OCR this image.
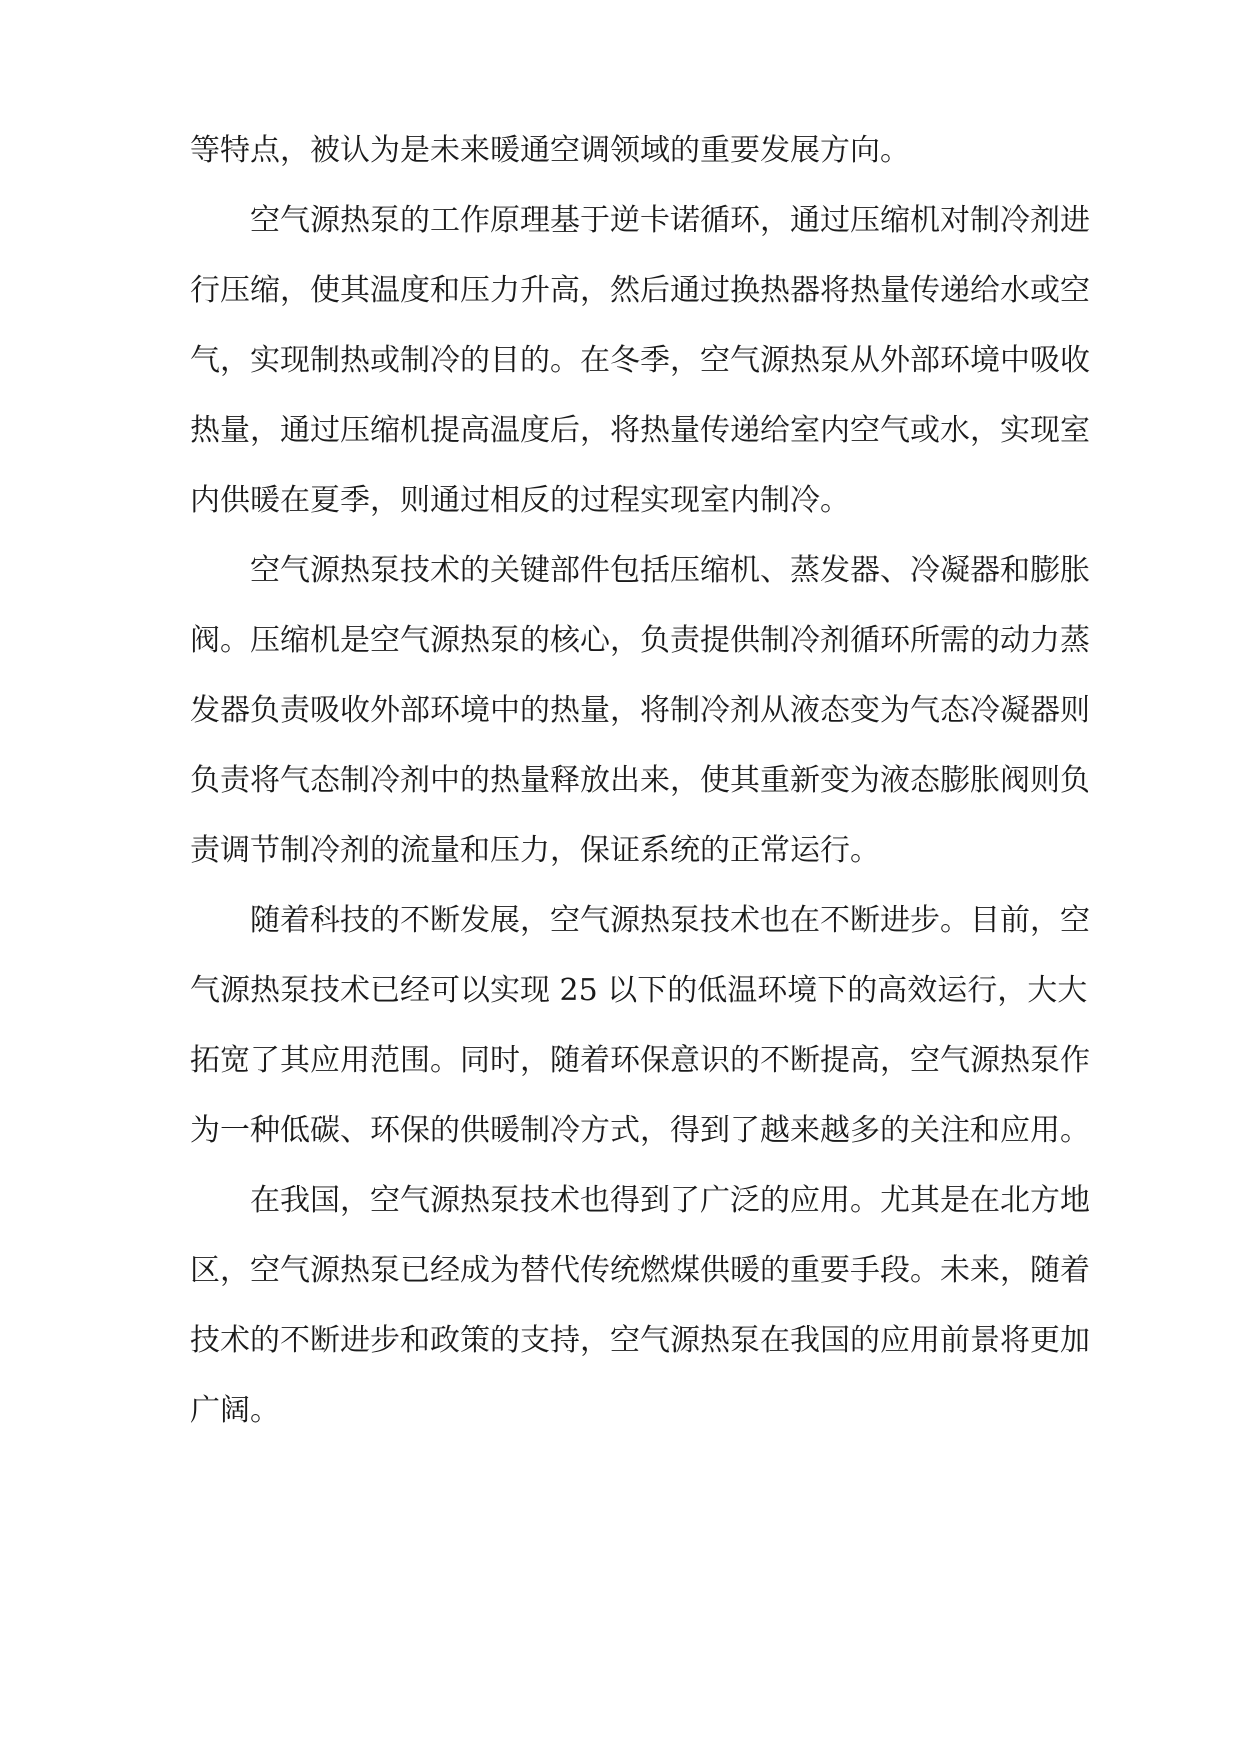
等特点，被认为是未来暖通空调领域的重要发展方向。

空气源热泵的工作原理基于逆卡诺循环，通过压缩机对制冷剂进

行压缩，使其温度和压力升高，然后通过换热器将热量传递给水或空

气，实现制热或制冷的目的。在冬季，空气源热泵从外部环境中吸收

热量，通过压缩机提高温度后，将热量传递给室内空气或水，实现室

内供暖在夏季，则通过相反的过程实现室内制冷。

空气源热泵技术的关键部件包括压缩机、蒸发器、冷凝器和膨胀

阀。压缩机是空气源热泵的核心，负责提供制冷剂循环所需的动力蒸

发器负责吸收外部环境中的热量，将制冷剂从液态变为气态冷凝器则

负责将气态制冷剂中的热量释放出来，使其重新变为液态膨胀阀则负

责调节制冷剂的流量和压力，保证系统的正常运行。

随着科技的不断发展，空气源热泵技术也在不断进步。目前，空

气源热泵技术已经可以实现 25 以下的低温环境下的高效运行，大大

拓宽了其应用范围。同时，随着环保意识的不断提高，空气源热泵作

为一种低碳、环保的供暖制冷方式，得到了越来越多的关注和应用。

在我国，空气源热泵技术也得到了广泛的应用。尤其是在北方地

区，空气源热泵已经成为替代传统燃煤供暖的重要手段。未来，随着

技术的不断进步和政策的支持，空气源热泵在我国的应用前景将更加

广阔。
